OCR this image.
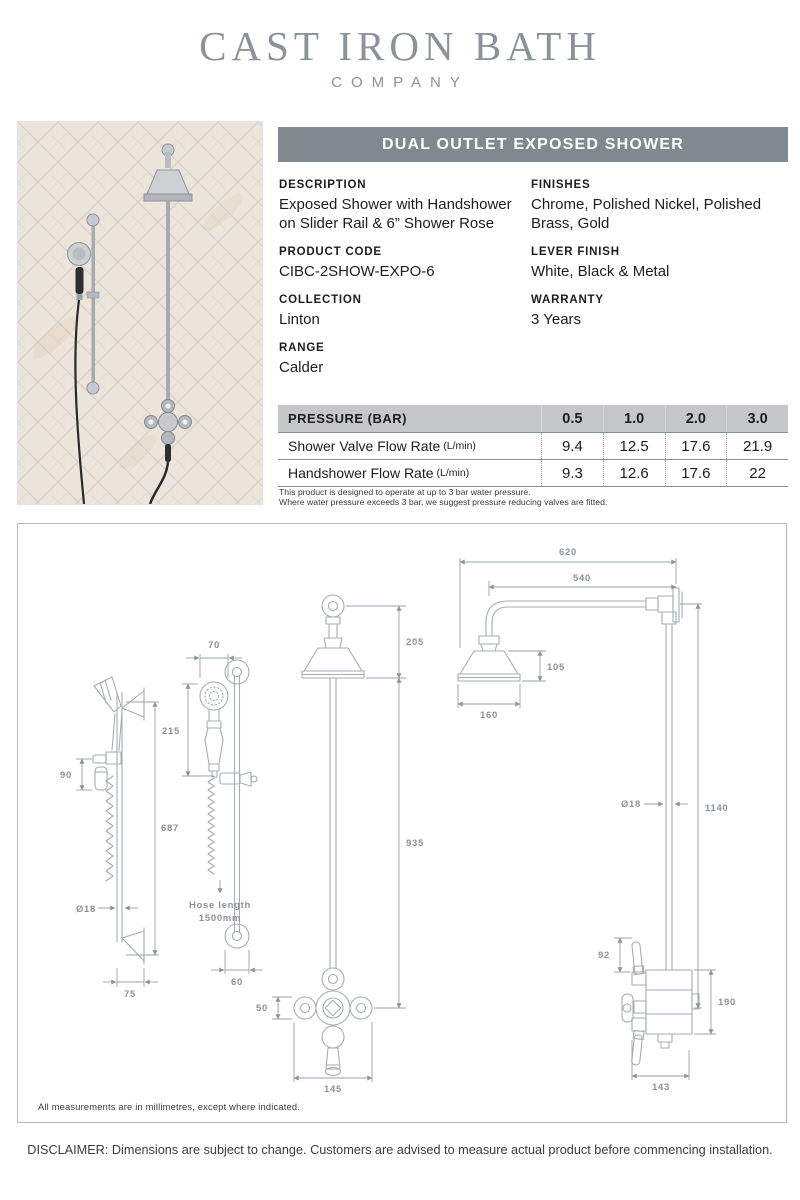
CAST IRON BATH
COMPANY
DUAL OUTLET EXPOSED SHOWER
DESCRIPTION
Exposed Shower with Handshower on Slider Rail & 6” Shower Rose
PRODUCT CODE
CIBC-2SHOW-EXPO-6
COLLECTION
Linton
RANGE
Calder
FINISHES
Chrome, Polished Nickel, Polished Brass, Gold
LEVER FINISH
White, Black & Metal
WARRANTY
3 Years
PRESSURE (BAR)	0.5	1.0	2.0	3.0
Shower Valve Flow Rate (L/min)	9.4	12.5	17.6	21.9
Handshower Flow Rate (L/min)	9.3	12.6	17.6	22
This product is designed to operate at up to 3 bar water pressure.
Where water pressure exceeds 3 bar, we suggest pressure reducing valves are fitted.
90
687
Ø18
75
Hose length
1500mm
70
215
60
205
935
50
145
620
540
105
160
Ø18	1140
92
190
143
All measurements are in millimetres, except where indicated.
DISCLAIMER: Dimensions are subject to change. Customers are advised to measure actual product before commencing installation.
